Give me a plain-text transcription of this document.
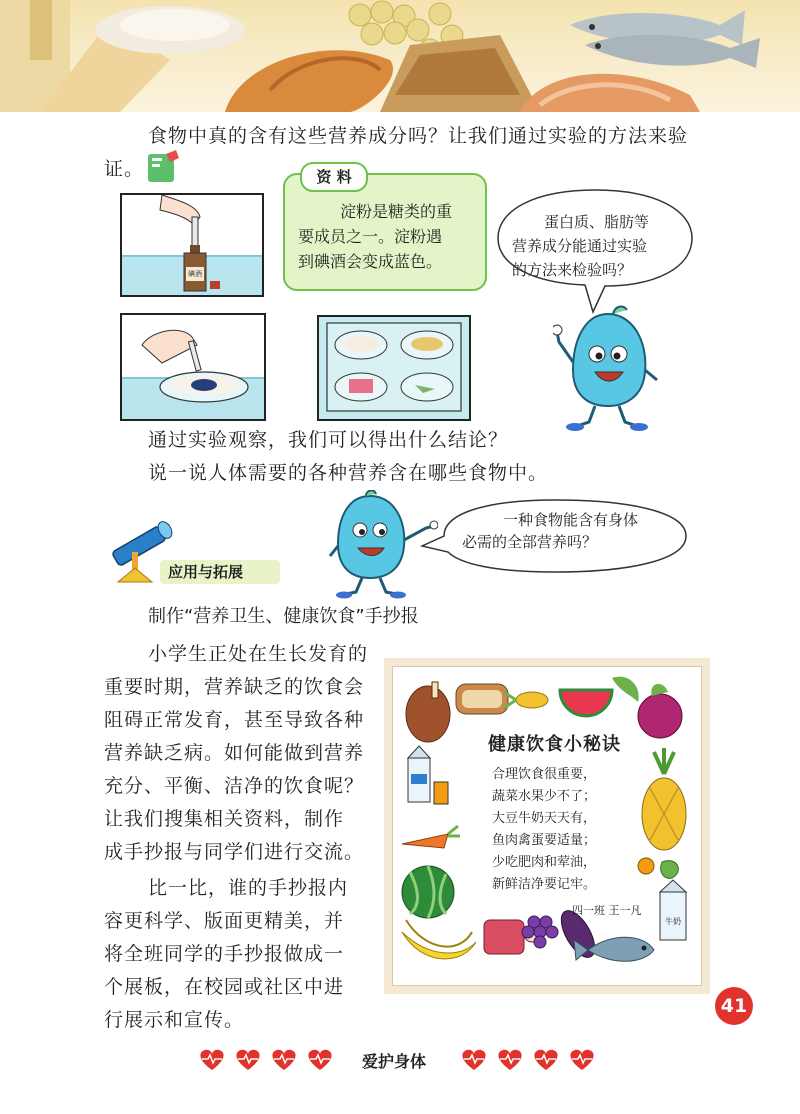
食物中真的含有这些营养成分吗？让我们通过实验的方法来验
证。
碘酒
资 料
淀粉是糖类的重
要成员之一。淀粉遇
到碘酒会变成蓝色。
蛋白质、脂肪等
营养成分能通过实验
的方法来检验吗？
通过实验观察，我们可以得出什么结论？
说一说人体需要的各种营养含在哪些食物中。
一种食物能含有身体
必需的全部营养吗？
应用与拓展
制作“营养卫生、健康饮食”手抄报
小学生正处在生长发育的
重要时期，营养缺乏的饮食会
阻碍正常发育，甚至导致各种
营养缺乏病。如何能做到营养
充分、平衡、洁净的饮食呢？
让我们搜集相关资料，制作
成手抄报与同学们进行交流。
比一比，谁的手抄报内
容更科学、版面更精美，并
将全班同学的手抄报做成一
个展板，在校园或社区中进
行展示和宣传。
健康饮食小秘诀
合理饮食很重要，
蔬菜水果少不了；
大豆牛奶天天有，
鱼肉禽蛋要适量；
少吃肥肉和荤油，
新鲜洁净要记牢。
四一班 王一凡
牛奶
41
爱护身体
